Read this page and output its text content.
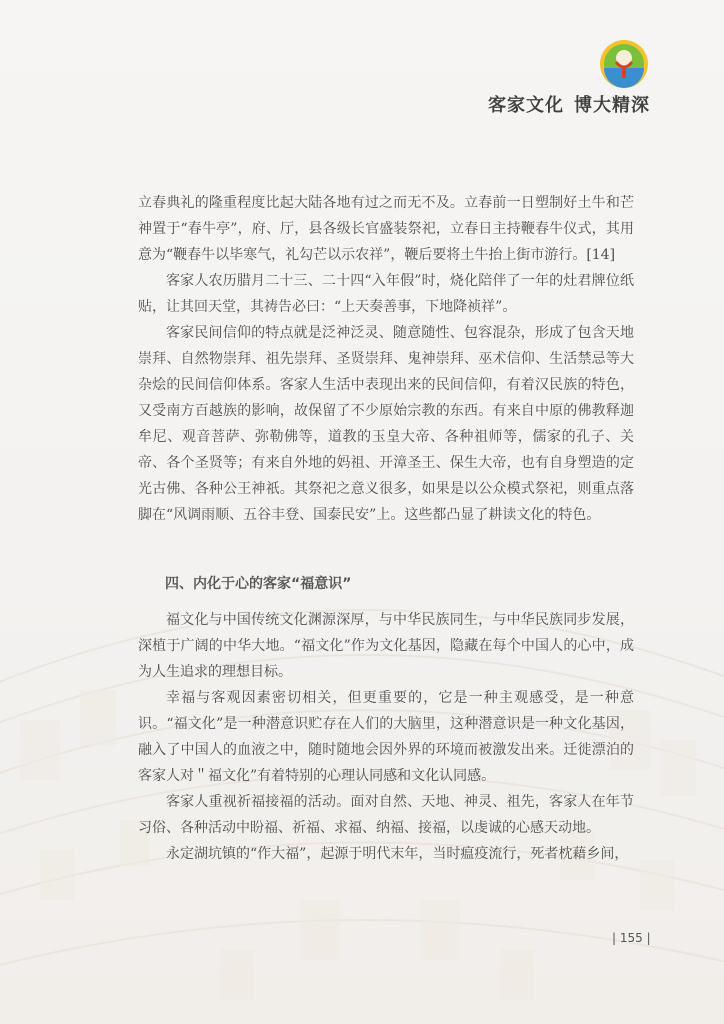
客家文化 博大精深

立春典礼的隆重程度比起大陆各地有过之而无不及。立春前一日塑制好土牛和芒神置于“春牛亭”，府、厅，县各级长官盛装祭祀，立春日主持鞭春牛仪式，其用意为“鞭春牛以毕寒气，礼勾芒以示农祥”，鞭后要将土牛抬上街市游行。[14]

客家人农历腊月二十三、二十四“入年假”时，烧化陪伴了一年的灶君牌位纸贴，让其回天堂，其祷告必曰：“上天奏善事，下地降祯祥”。

客家民间信仰的特点就是泛神泛灵、随意随性、包容混杂，形成了包含天地崇拜、自然物崇拜、祖先崇拜、圣贤崇拜、鬼神崇拜、巫术信仰、生活禁忌等大杂烩的民间信仰体系。客家人生活中表现出来的民间信仰，有着汉民族的特色，又受南方百越族的影响，故保留了不少原始宗教的东西。有来自中原的佛教释迦牟尼、观音菩萨、弥勒佛等，道教的玉皇大帝、各种祖师等，儒家的孔子、关帝、各个圣贤等；有来自外地的妈祖、开漳圣王、保生大帝，也有自身塑造的定光古佛、各种公王神祇。其祭祀之意义很多，如果是以公众模式祭祀，则重点落脚在“风调雨顺、五谷丰登、国泰民安”上。这些都凸显了耕读文化的特色。

四、内化于心的客家“福意识”

福文化与中国传统文化渊源深厚，与中华民族同生，与中华民族同步发展，深植于广阔的中华大地。“福文化”作为文化基因，隐藏在每个中国人的心中，成为人生追求的理想目标。

幸福与客观因素密切相关，但更重要的，它是一种主观感受，是一种意识。“福文化”是一种潜意识贮存在人们的大脑里，这种潜意识是一种文化基因，融入了中国人的血液之中，随时随地会因外界的环境而被激发出来。迁徙漂泊的客家人对＂福文化”有着特别的心理认同感和文化认同感。

客家人重视祈福接福的活动。面对自然、天地、神灵、祖先，客家人在年节习俗、各种活动中盼福、祈福、求福、纳福、接福，以虔诚的心感天动地。

永定湖坑镇的“作大福”，起源于明代末年，当时瘟疫流行，死者枕藉乡间，

| 155 |
